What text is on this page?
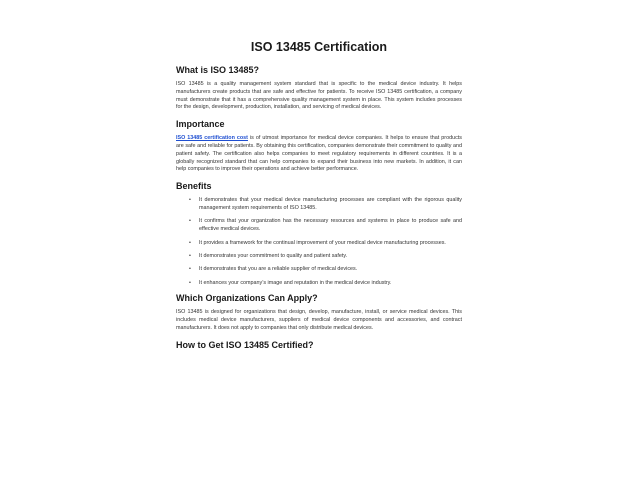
ISO 13485 Certification
What is ISO 13485?
ISO 13485 is a quality management system standard that is specific to the medical device industry. It helps manufacturers create products that are safe and effective for patients. To receive ISO 13485 certification, a company must demonstrate that it has a comprehensive quality management system in place. This system includes processes for the design, development, production, installation, and servicing of medical devices.
Importance
ISO 13485 certification cost is of utmost importance for medical device companies. It helps to ensure that products are safe and reliable for patients. By obtaining this certification, companies demonstrate their commitment to quality and patient safety. The certification also helps companies to meet regulatory requirements in different countries. It is a globally recognized standard that can help companies to expand their business into new markets. In addition, it can help companies to improve their operations and achieve better performance.
Benefits
• It demonstrates that your medical device manufacturing processes are compliant with the rigorous quality management system requirements of ISO 13485.
• It confirms that your organization has the necessary resources and systems in place to produce safe and effective medical devices.
• It provides a framework for the continual improvement of your medical device manufacturing processes.
• It demonstrates your commitment to quality and patient safety.
• It demonstrates that you are a reliable supplier of medical devices.
• It enhances your company’s image and reputation in the medical device industry.
Which Organizations Can Apply?
ISO 13485 is designed for organizations that design, develop, manufacture, install, or service medical devices. This includes medical device manufacturers, suppliers of medical device components and accessories, and contract manufacturers. It does not apply to companies that only distribute medical devices.
How to Get ISO 13485 Certified?
